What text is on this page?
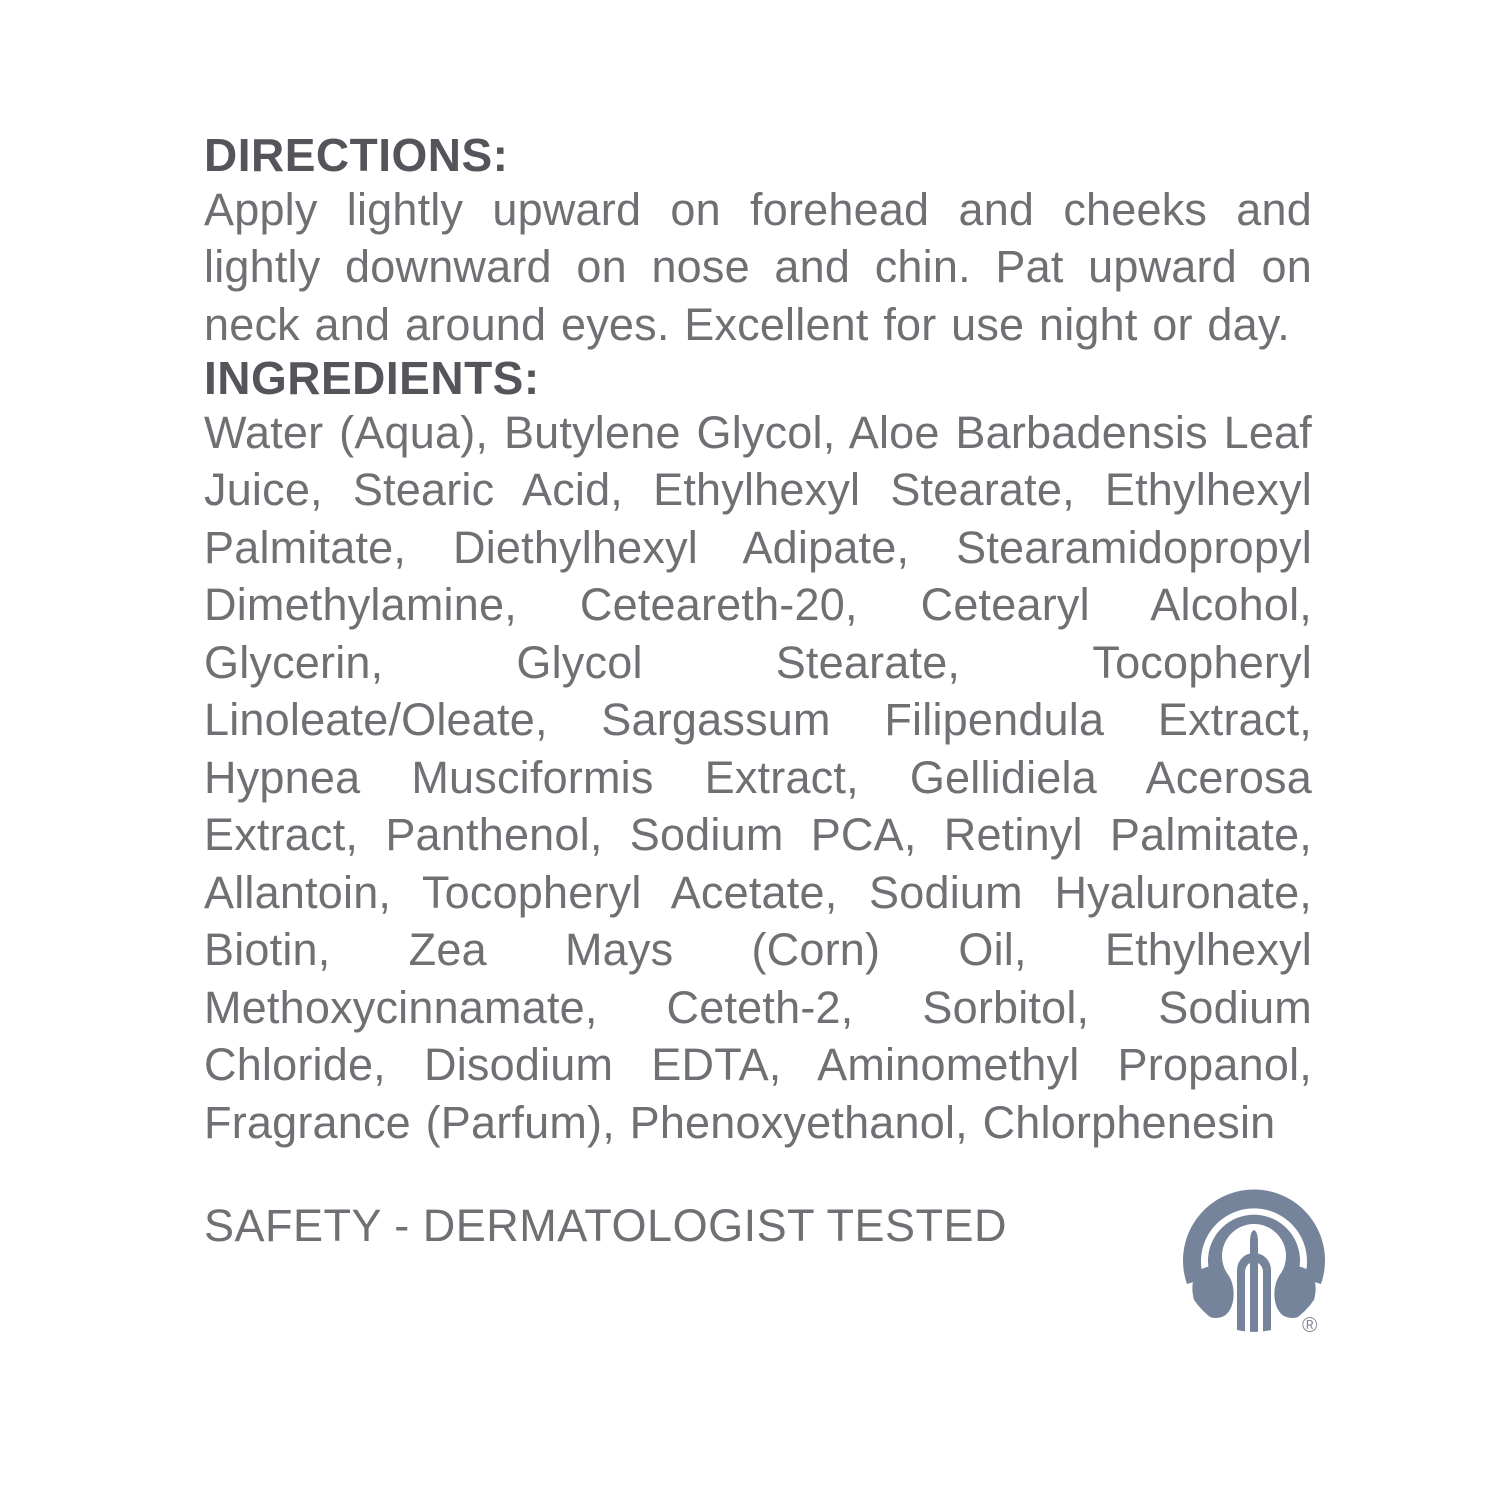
DIRECTIONS:

Apply lightly upward on forehead and cheeks and lightly downward on nose and chin. Pat upward on neck and around eyes. Excellent for use night or day.

INGREDIENTS:

Water (Aqua), Butylene Glycol, Aloe Barbadensis Leaf Juice, Stearic Acid, Ethylhexyl Stearate, Ethylhexyl Palmitate, Diethylhexyl Adipate, Stearamidopropyl Dimethylamine, Ceteareth-20, Cetearyl Alcohol, Glycerin, Glycol Stearate, Tocopheryl Linoleate/Oleate, Sargassum Filipendula Extract, Hypnea Musciformis Extract, Gellidiela Acerosa Extract, Panthenol, Sodium PCA, Retinyl Palmitate, Allantoin, Tocopheryl Acetate, Sodium Hyaluronate, Biotin, Zea Mays (Corn) Oil, Ethylhexyl Methoxycinnamate, Ceteth-2, Sorbitol, Sodium Chloride, Disodium EDTA, Aminomethyl Propanol, Fragrance (Parfum), Phenoxyethanol, Chlorphenesin

SAFETY - DERMATOLOGIST TESTED

®
